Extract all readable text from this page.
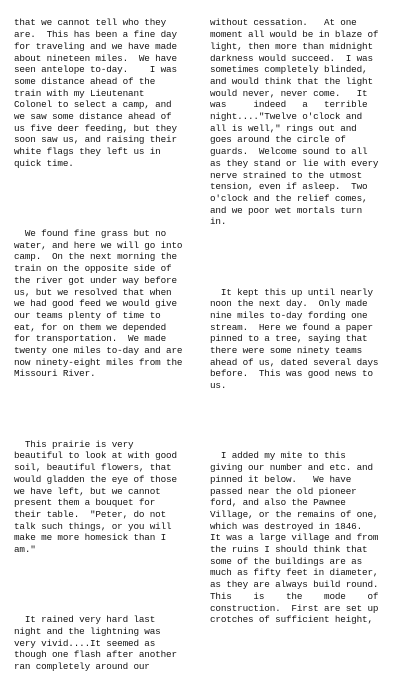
that we cannot tell who they
are.  This has been a fine day
for traveling and we have made
about nineteen miles.  We have
seen antelope to-day.    I was
some distance ahead of the
train with my Lieutenant
Colonel to select a camp, and
we saw some distance ahead of
us five deer feeding, but they
soon saw us, and raising their
white flags they left us in
quick time.

We found fine grass but no
water, and here we will go into
camp.  On the next morning the
train on the opposite side of
the river got under way before
us, but we resolved that when
we had good feed we would give
our teams plenty of time to
eat, for on them we depended
for transportation.  We made
twenty one miles to-day and are
now ninety-eight miles from the
Missouri River.

This prairie is very
beautiful to look at with good
soil, beautiful flowers, that
would gladden the eye of those
we have left, but we cannot
present them a bouquet for
their table.  "Peter, do not
talk such things, or you will
make me more homesick than I
am."

It rained very hard last
night and the lightning was
very vivid....It seemed as
though one flash after another
ran completely around our

without cessation.   At one
moment all would be in blaze of
light, then more than midnight
darkness would succeed.  I was
sometimes completely blinded,
and would think that the light
would never, never come.   It
was     indeed   a   terrible
night...."Twelve o'clock and
all is well," rings out and
goes around the circle of
guards.  Welcome sound to all
as they stand or lie with every
nerve strained to the utmost
tension, even if asleep.  Two
o'clock and the relief comes,
and we poor wet mortals turn
in.

It kept this up until nearly
noon the next day.  Only made
nine miles to-day fording one
stream.  Here we found a paper
pinned to a tree, saying that
there were some ninety teams
ahead of us, dated several days
before.  This was good news to
us.

I added my mite to this
giving our number and etc. and
pinned it below.   We have
passed near the old pioneer
ford, and also the Pawnee
Village, or the remains of one,
which was destroyed in 1846.
It was a large village and from
the ruins I should think that
some of the buildings are as
much as fifty feet in diameter,
as they are always build round.
This    is    the    mode    of
construction.  First are set up
crotches of sufficient height,
